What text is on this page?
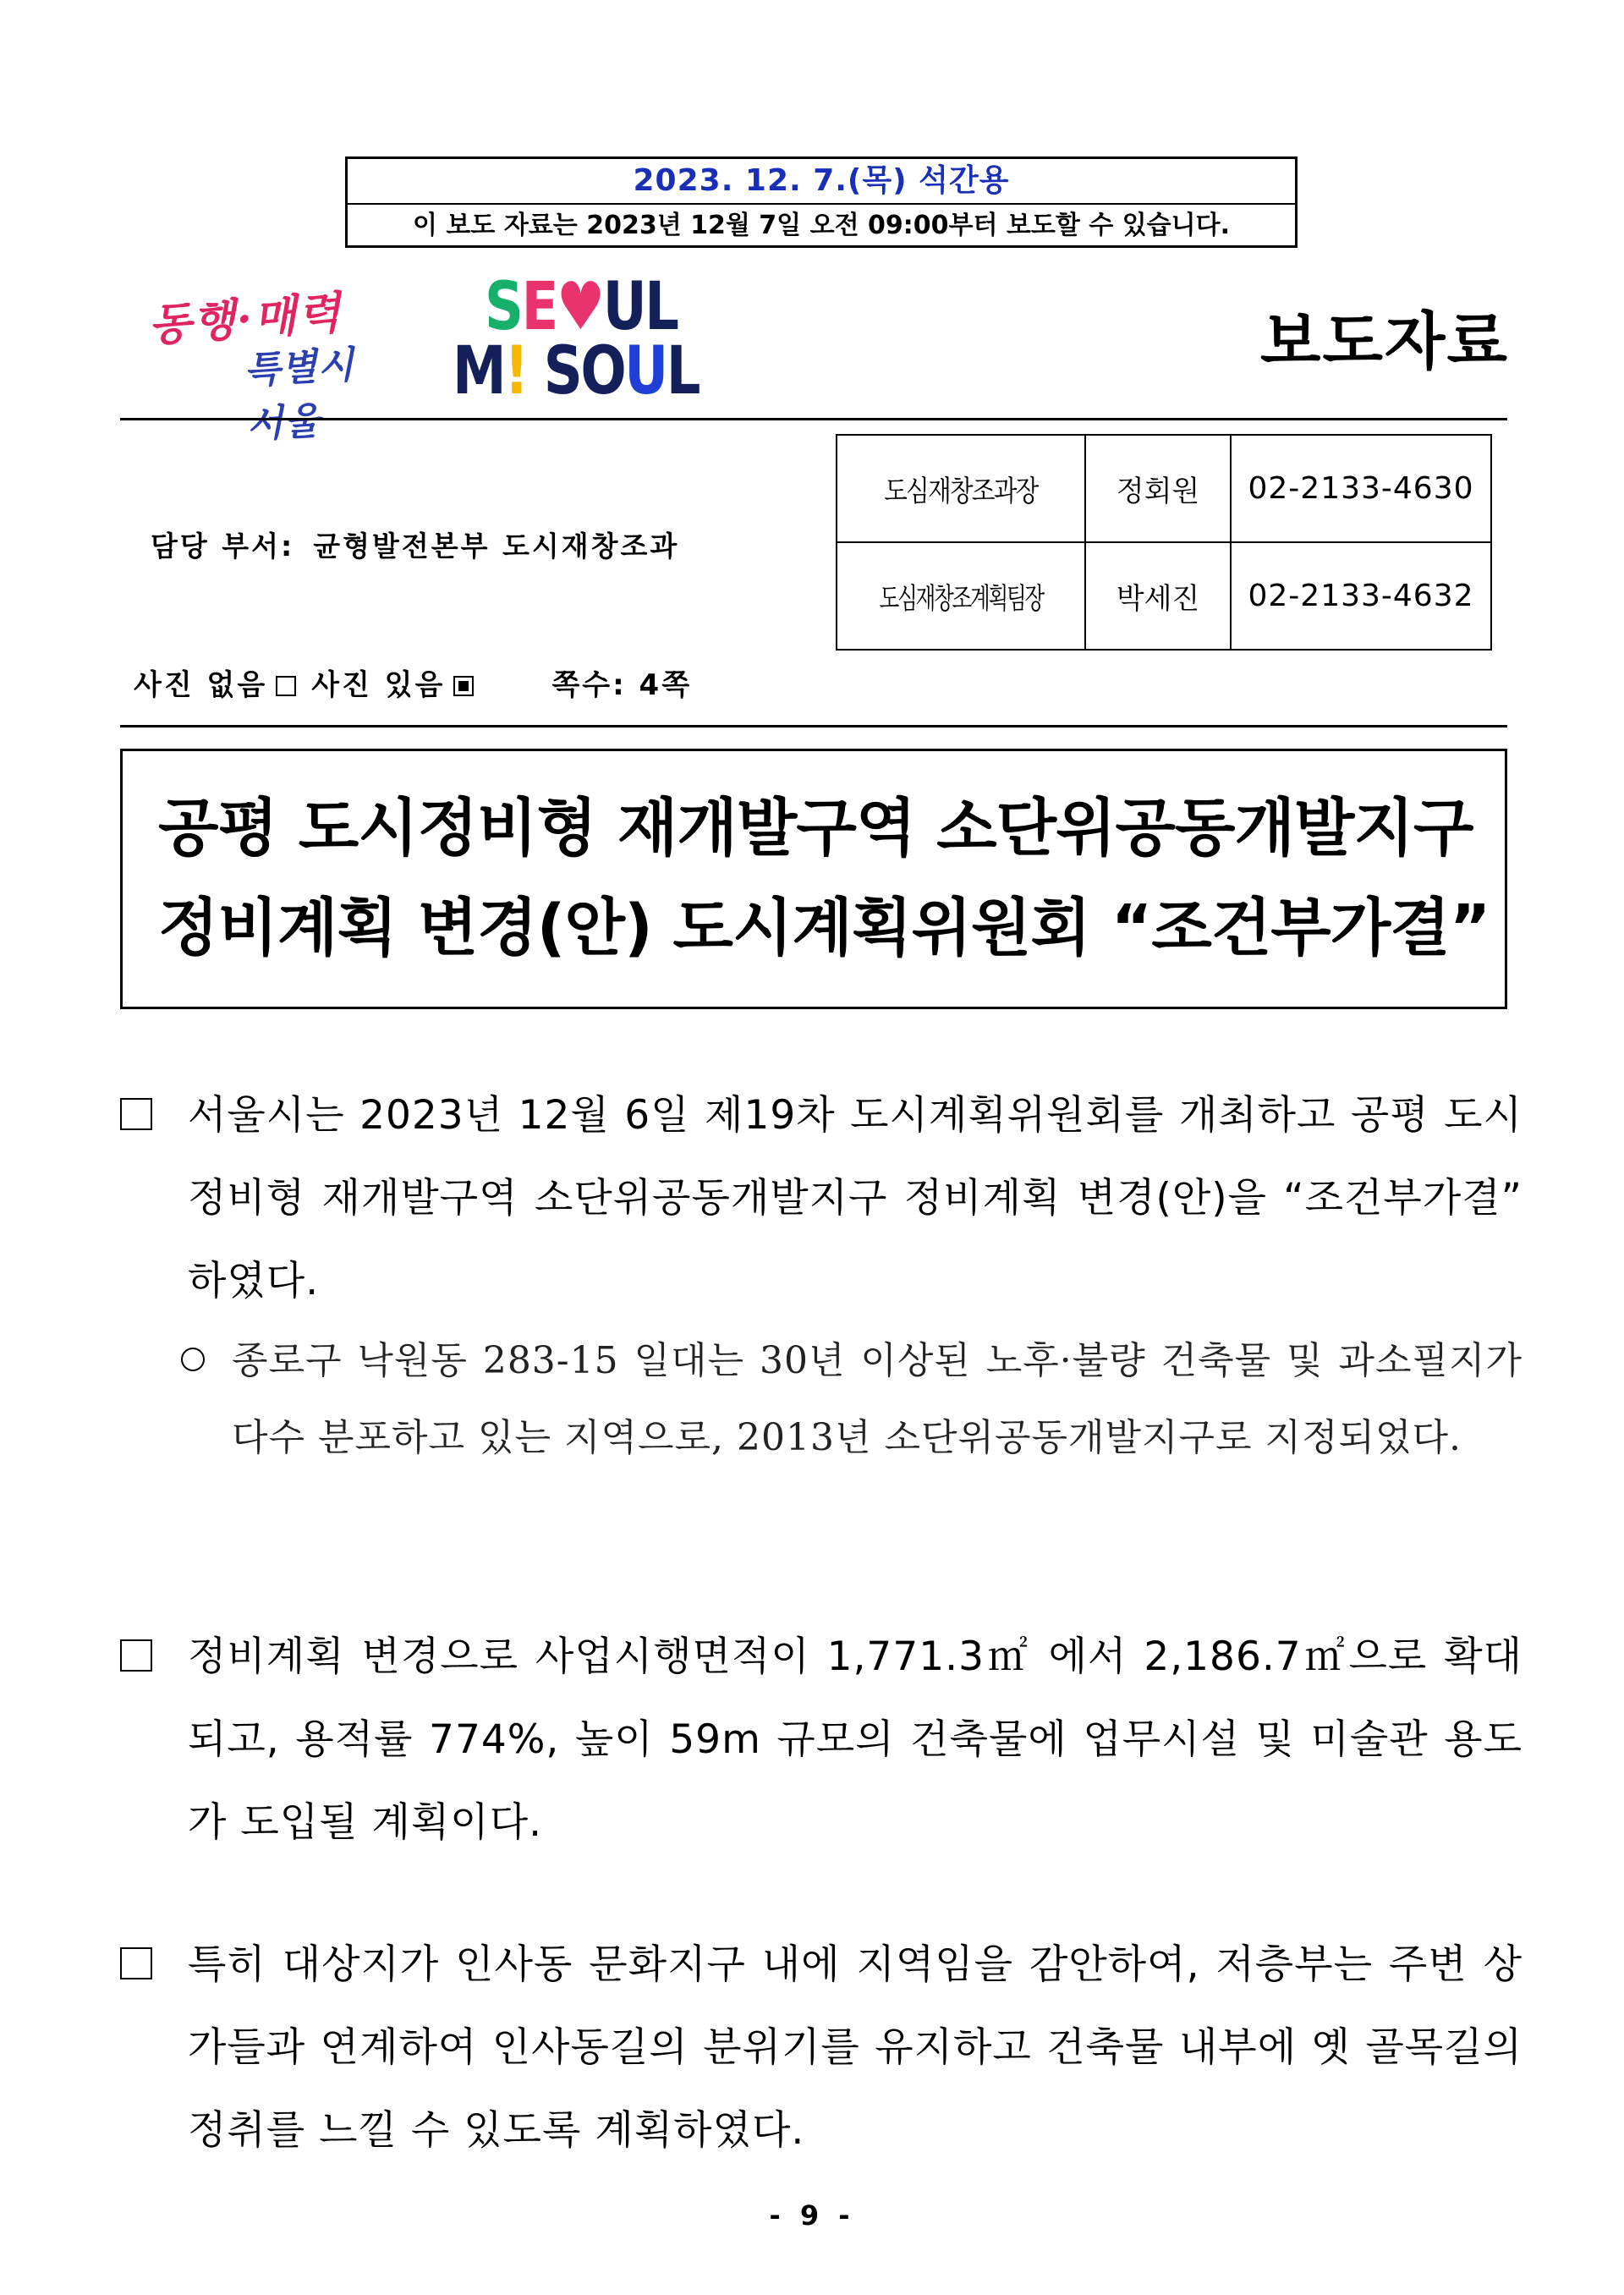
2023. 12. 7.(목) 석간용
이 보도 자료는 2023년 12월 7일 오전 09:00부터 보도할 수 있습니다.
동행·매력
특별시 서울
SE♥UL
M! SOUL	보도자료
담당 부서: 균형발전본부 도시재창조과
도심재창조과장	정회원	02-2133-4630
도심재창조계획팀장	박세진	02-2133-4632
사진 없음 사진 있음	쪽수: 4쪽
공평 도시정비형 재개발구역 소단위공동개발지구
정비계획 변경(안) 도시계획위원회 “조건부가결”
서울시는 2023년 12월 6일 제19차 도시계획위원회를 개최하고 공평 도시정비형 재개발구역 소단위공동개발지구 정비계획 변경(안)을 “조건부가결” 하였다.
종로구 낙원동 283-15 일대는 30년 이상된 노후·불량 건축물 및 과소필지가 다수 분포하고 있는 지역으로, 2013년 소단위공동개발지구로 지정되었다.
정비계획 변경으로 사업시행면적이 1,771.3㎡ 에서 2,186.7㎡으로 확대되고, 용적률 774%, 높이 59m 규모의 건축물에 업무시설 및 미술관 용도가 도입될 계획이다.
특히 대상지가 인사동 문화지구 내에 지역임을 감안하여, 저층부는 주변 상가들과 연계하여 인사동길의 분위기를 유지하고 건축물 내부에 옛 골목길의 정취를 느낄 수 있도록 계획하였다.
- 9 -
